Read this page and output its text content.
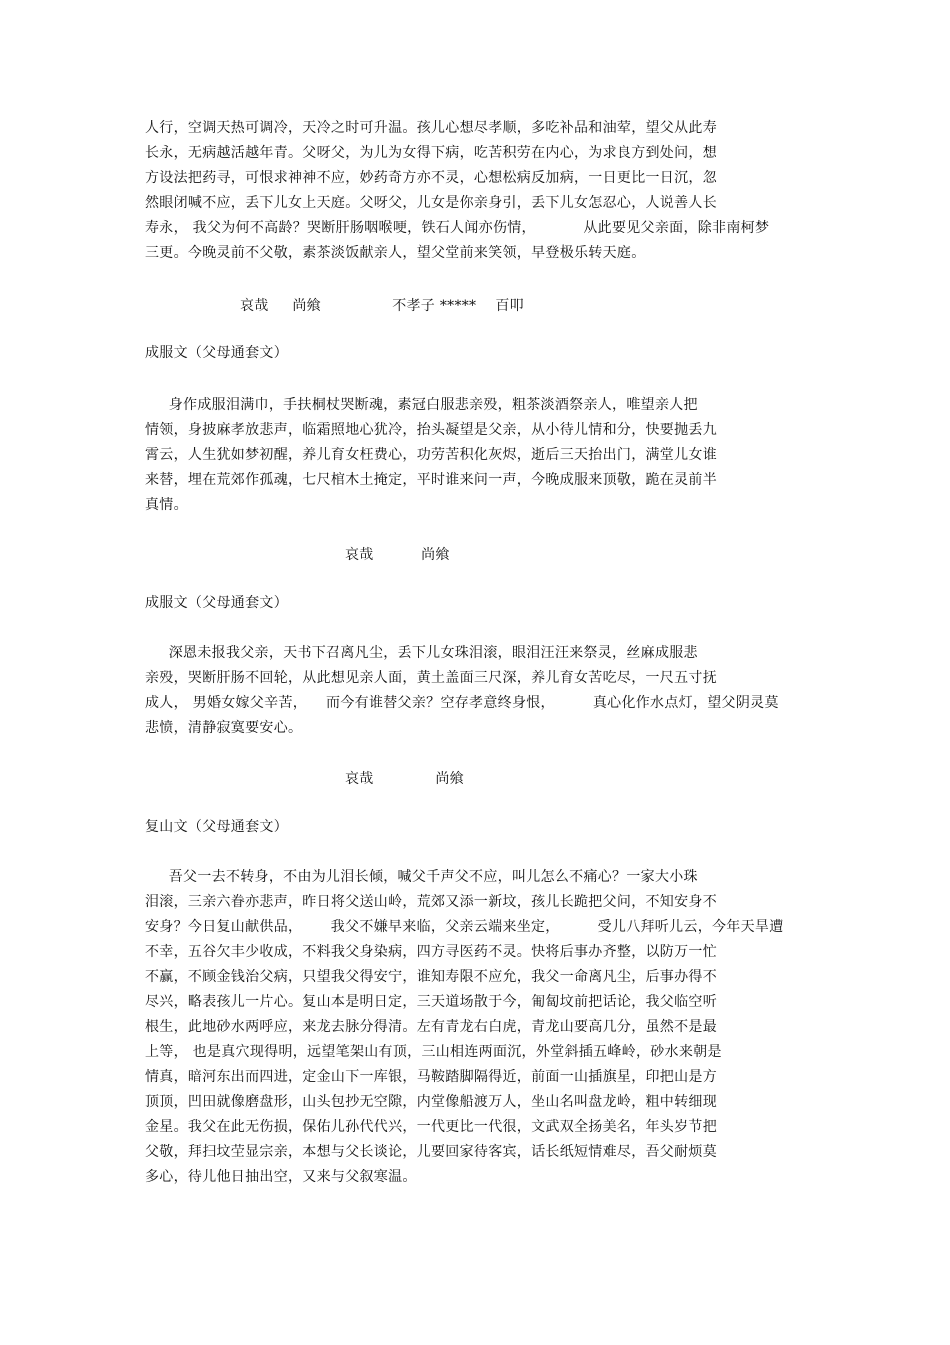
人行，空调天热可调冷，天冷之时可升温。孩儿心想尽孝顺，多吃补品和油荤，望父从此寿
长永，无病越活越年青。父呀父，为儿为女得下病，吃苦积劳在内心，为求良方到处问，想
方设法把药寻，可恨求神神不应，妙药奇方亦不灵，心想松病反加病，一日更比一日沉，忽
然眼闭喊不应，丢下儿女上天庭。父呀父，儿女是你亲身引，丢下儿女怎忍心，人说善人长
寿永， 我父为何不高龄？哭断肝肠咽喉哽，铁石人闻亦伤情，          从此要见父亲面，除非南柯梦
三更。今晚灵前不父敬，素茶淡饭献亲人，望父堂前来笑领，早登极乐转天庭。
哀哉     尚飨               不孝子 *****    百叩
成服文（父母通套文）
身作成服泪满巾，手扶桐杖哭断魂，素冠白服悲亲殁，粗茶淡酒祭亲人，唯望亲人把
情领，身披麻孝放悲声，临霜照地心犹冷，抬头凝望是父亲，从小待儿情和分，快要抛丢九
霄云，人生犹如梦初醒，养儿育女枉费心，功劳苦积化灰烬，逝后三天抬出门，满堂儿女谁
来替，埋在荒郊作孤魂，七尺棺木土掩定，平时谁来问一声，今晚成服来顶敬，跪在灵前半
真情。
哀哉          尚飨
成服文（父母通套文）
深恩未报我父亲，天书下召离凡尘，丢下儿女珠泪滚，眼泪汪汪来祭灵，丝麻成服悲
亲殁，哭断肝肠不回轮，从此想见亲人面，黄土盖面三尺深，养儿育女苦吃尽，一尺五寸抚
成人， 男婚女嫁父辛苦，    而今有谁替父亲？空存孝意终身恨，        真心化作水点灯，望父阴灵莫
悲愤，清静寂寞要安心。
哀哉             尚飨
复山文（父母通套文）
吾父一去不转身，不由为儿泪长倾，喊父千声父不应，叫儿怎么不痛心？一家大小珠
泪滚，三亲六眷亦悲声，昨日将父送山岭，荒郊又添一新坟，孩儿长跪把父问，不知安身不
安身？今日复山献供品，      我父不嫌早来临，父亲云端来坐定，        受儿八拜听儿云，今年天旱遭
不幸，五谷欠丰少收成，不料我父身染病，四方寻医药不灵。快将后事办齐整，以防万一忙
不赢，不顾金钱治父病，只望我父得安宁，谁知寿限不应允，我父一命离凡尘，后事办得不
尽兴，略表孩儿一片心。复山本是明日定，三天道场散于今，匍匐坟前把话论，我父临空听
根生，此地砂水两呼应，来龙去脉分得清。左有青龙右白虎，青龙山要高几分，虽然不是最
上等， 也是真穴现得明，远望笔架山有顶，三山相连两面沉，外堂斜插五峰岭，砂水来朝是
情真，暗河东出而四进，定金山下一库银，马鞍踏脚隔得近，前面一山插旗星，印把山是方
顶顶，凹田就像磨盘形，山头包抄无空隙，内堂像船渡万人，坐山名叫盘龙岭，粗中转细现
金星。我父在此无伤损，保佑儿孙代代兴，一代更比一代很，文武双全扬美名，年头岁节把
父敬，拜扫坟茔显宗亲，本想与父长谈论，儿要回家待客宾，话长纸短情难尽，吾父耐烦莫
多心，待儿他日抽出空，又来与父叙寒温。
